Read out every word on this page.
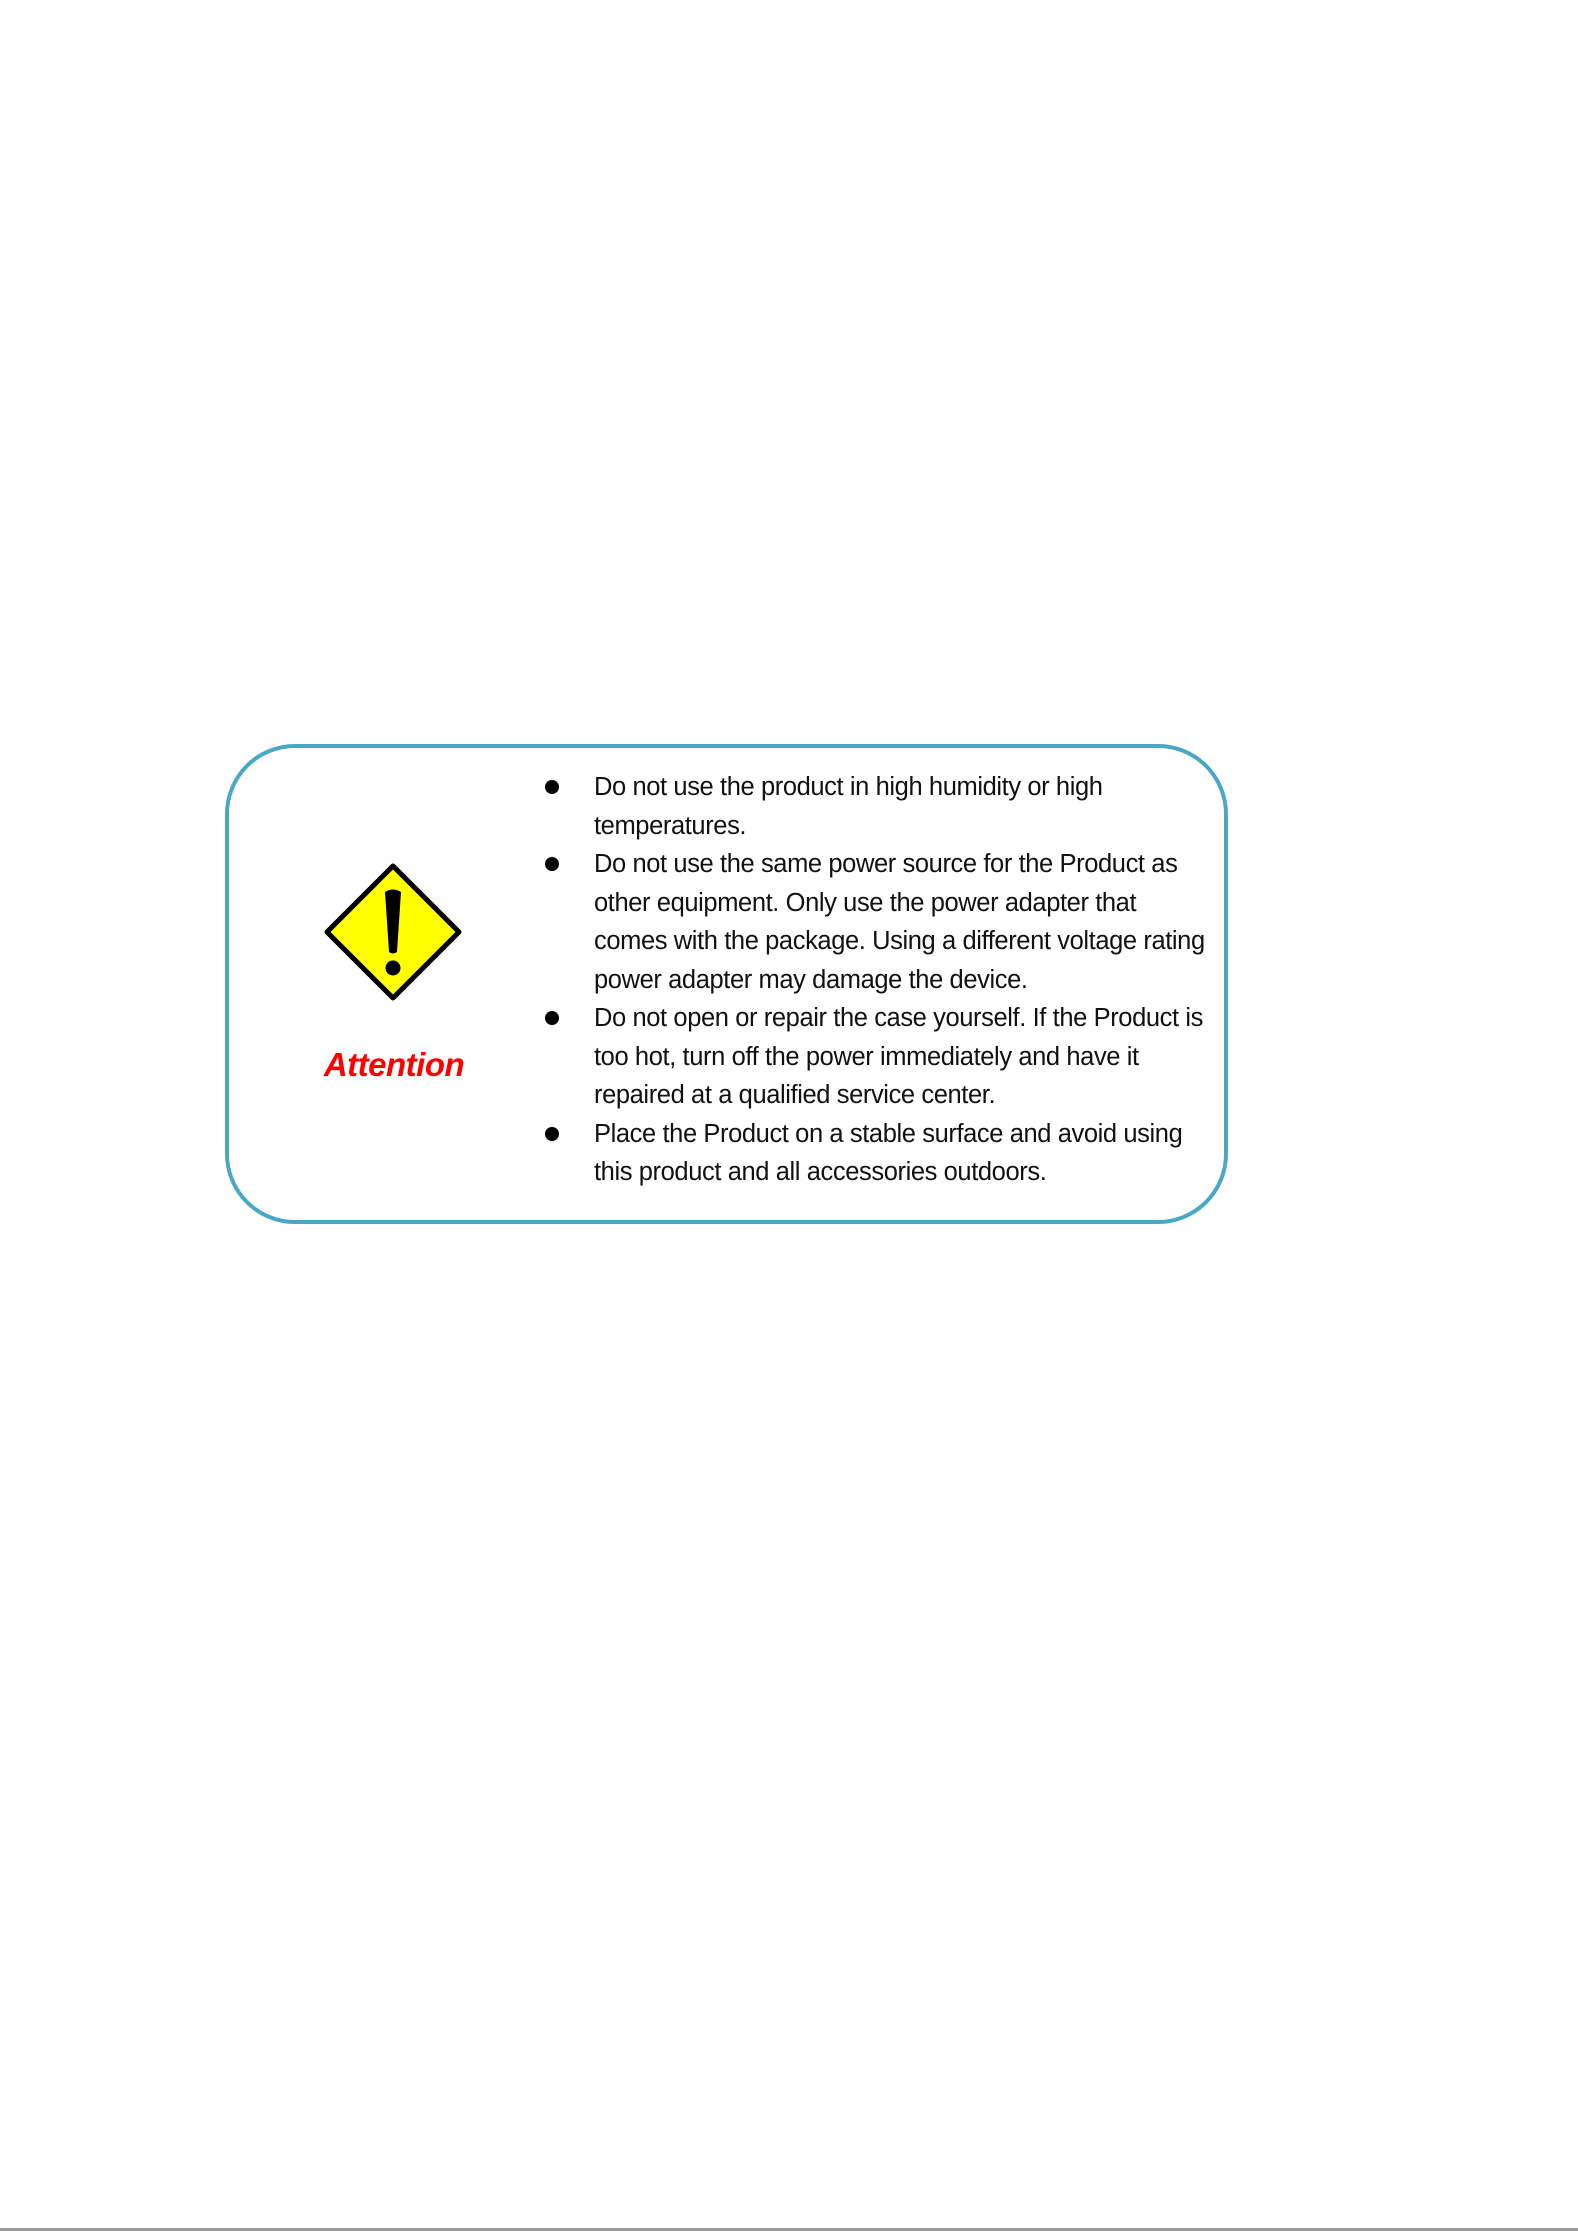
Attention
Do not use the product in high humidity or high temperatures.
Do not use the same power source for the Product as other equipment. Only use the power adapter that comes with the package. Using a different voltage rating power adapter may damage the device.
Do not open or repair the case yourself. If the Product is too hot, turn off the power immediately and have it repaired at a qualified service center.
Place the Product on a stable surface and avoid using this product and all accessories outdoors.
